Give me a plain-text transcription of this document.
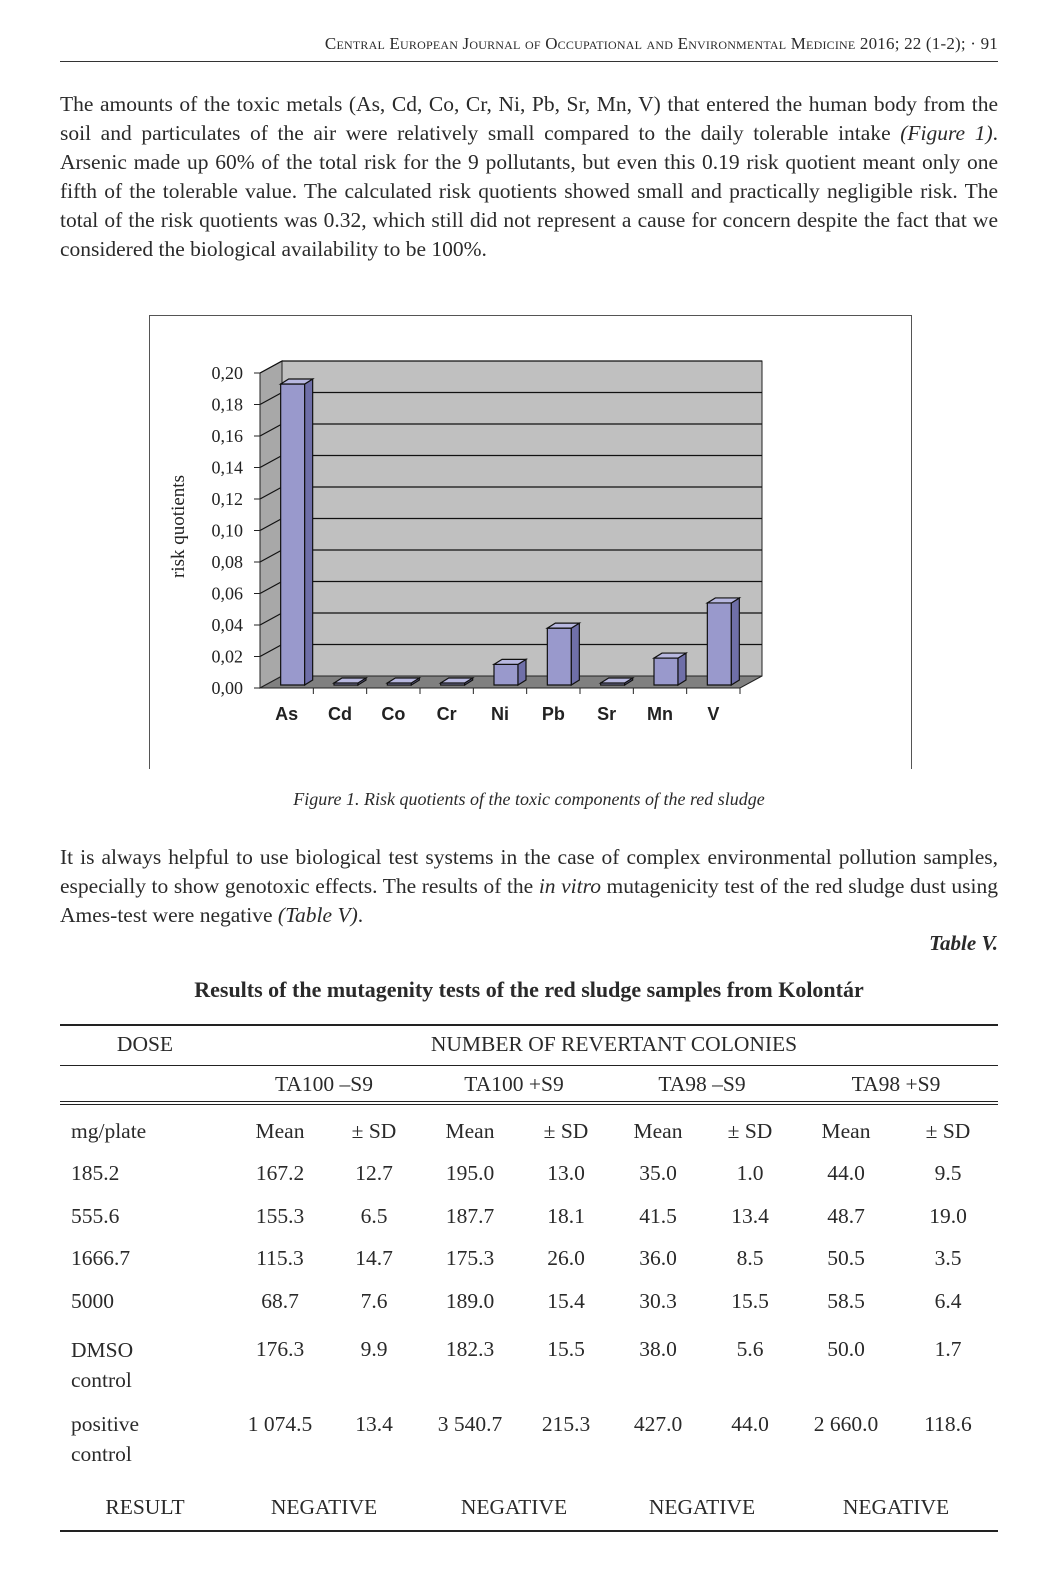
Central European Journal of Occupational and Environmental Medicine 2016; 22 (1-2); · 91

The amounts of the toxic metals (As, Cd, Co, Cr, Ni, Pb, Sr, Mn, V) that entered the human body from the soil and particulates of the air were relatively small compared to the daily tolerable intake (Figure 1). Arsenic made up 60% of the total risk for the 9 pollutants, but even this 0.19 risk quotient meant only one fifth of the tolerable value. The calculated risk quotients showed small and practically negligible risk. The total of the risk quotients was 0.32, which still did not represent a cause for concern despite the fact that we considered the biological availability to be 100%.

0,00
0,02
0,04
0,06
0,08
0,10
0,12
0,14
0,16
0,18
0,20
risk quotients
As Cd Co Cr Ni Pb Sr Mn V
Figure 1. Risk quotients of the toxic components of the red sludge

It is always helpful to use biological test systems in the case of complex environmental pollution samples, especially to show genotoxic effects. The results of the in vitro mutagenicity test of the red sludge dust using Ames-test were negative (Table V).

Table V.
Results of the mutagenity tests of the red sludge samples from Kolontár
DOSE	NUMBER OF REVERTANT COLONIES							
	TA100 –S9		TA100 +S9		TA98 –S9		TA98 +S9	
mg/plate	Mean	± SD	Mean	± SD	Mean	± SD	Mean	± SD
185.2	167.2	12.7	195.0	13.0	35.0	1.0	44.0	9.5
555.6	155.3	6.5	187.7	18.1	41.5	13.4	48.7	19.0
1666.7	115.3	14.7	175.3	26.0	36.0	8.5	50.5	3.5
5000	68.7	7.6	189.0	15.4	30.3	15.5	58.5	6.4

DMSO
control	176.3	9.9	182.3	15.5	38.0	5.6	50.0	1.7

positive
control	1 074.5	13.4	3 540.7	215.3	427.0	44.0	2 660.0	118.6
RESULT	NEGATIVE		NEGATIVE		NEGATIVE		NEGATIVE	
